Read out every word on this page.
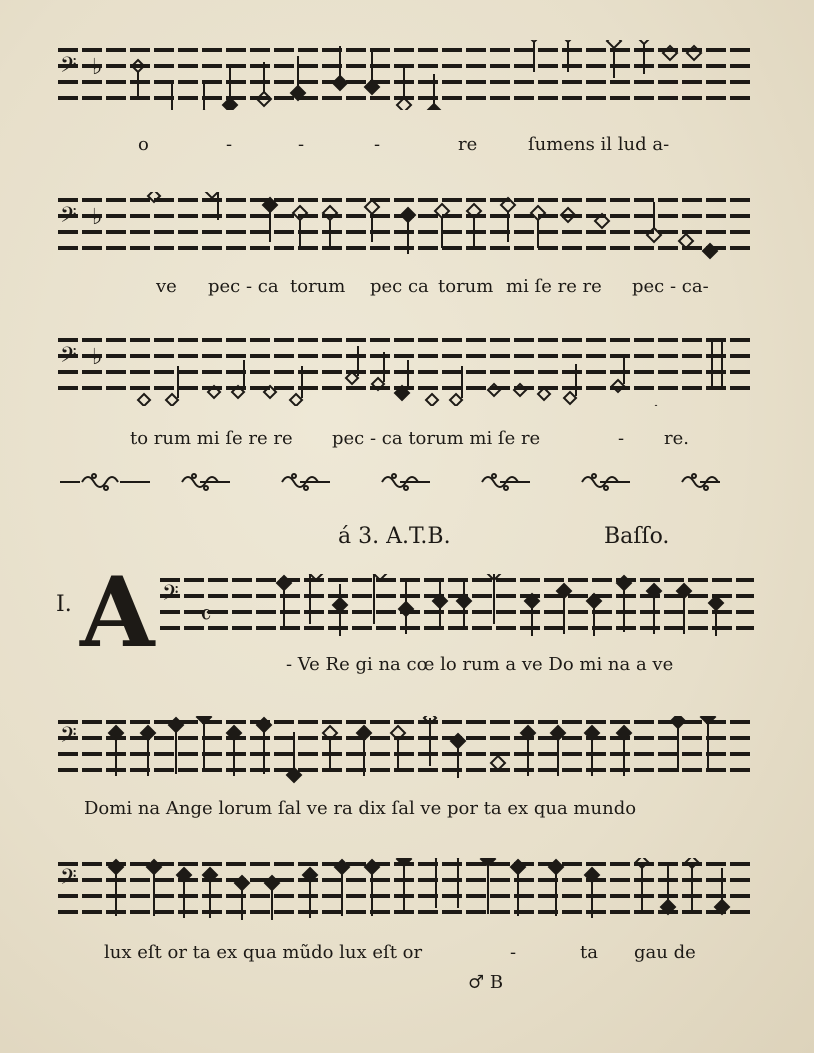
𝄢 ♭
o	-	-	-	re	ſumens il lud a-
𝄢 ♭
ve pec - ca torum pec ca torum mi ſe re re pec - ca-
𝄢 ♭
to rum mi ſe re re pec - ca torum mi ſe re	- re.
á 3. A.T.B.	Baſſo.
I. A 𝄢
𝄴
- Ve Re gi na cœ lo rum a ve Do mi na a ve
𝄢
Domi na Ange lorum ſal ve ra dix ſal ve por ta ex qua mundo
𝄢
lux eſt or ta ex qua mũdo lux eſt or	-	ta gau de
♂ B
